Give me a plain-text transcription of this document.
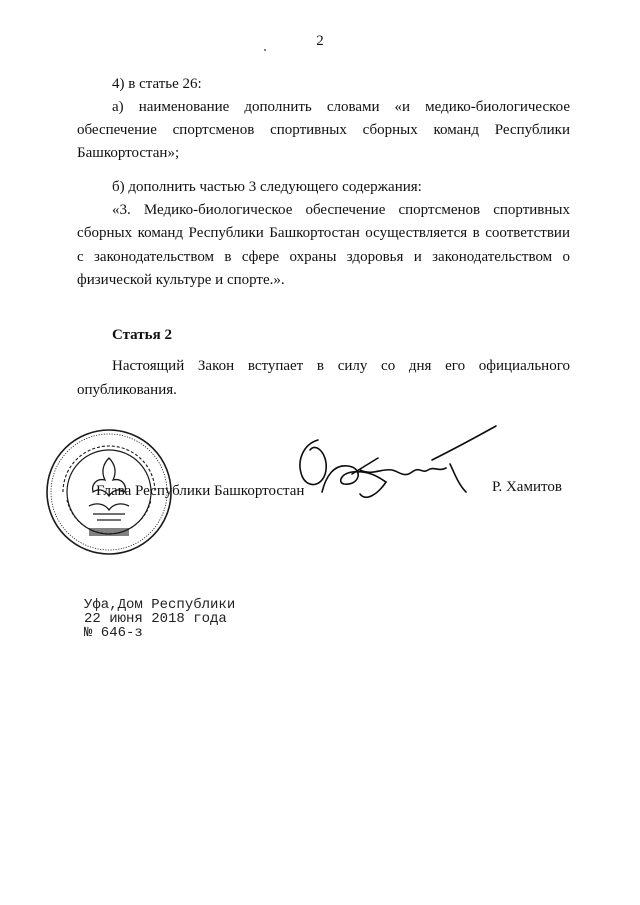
2
4) в статье 26:
а) наименование дополнить словами «и медико-биологическое
обеспечение спортсменов спортивных сборных команд Республики
Башкортостан»;
б) дополнить частью 3 следующего содержания:
«3. Медико-биологическое обеспечение спортсменов спортивных
сборных команд Республики Башкортостан осуществляется в соответствии
с законодательством в сфере охраны здоровья и законодательством о
физической культуре и спорте.».
Статья 2
Настоящий Закон вступает в силу со дня его официального
опубликования.
Глава Республики Башкортостан	Р. Хамитов
Уфа,Дом Республики
22 июня 2018 года
№ 646-з
